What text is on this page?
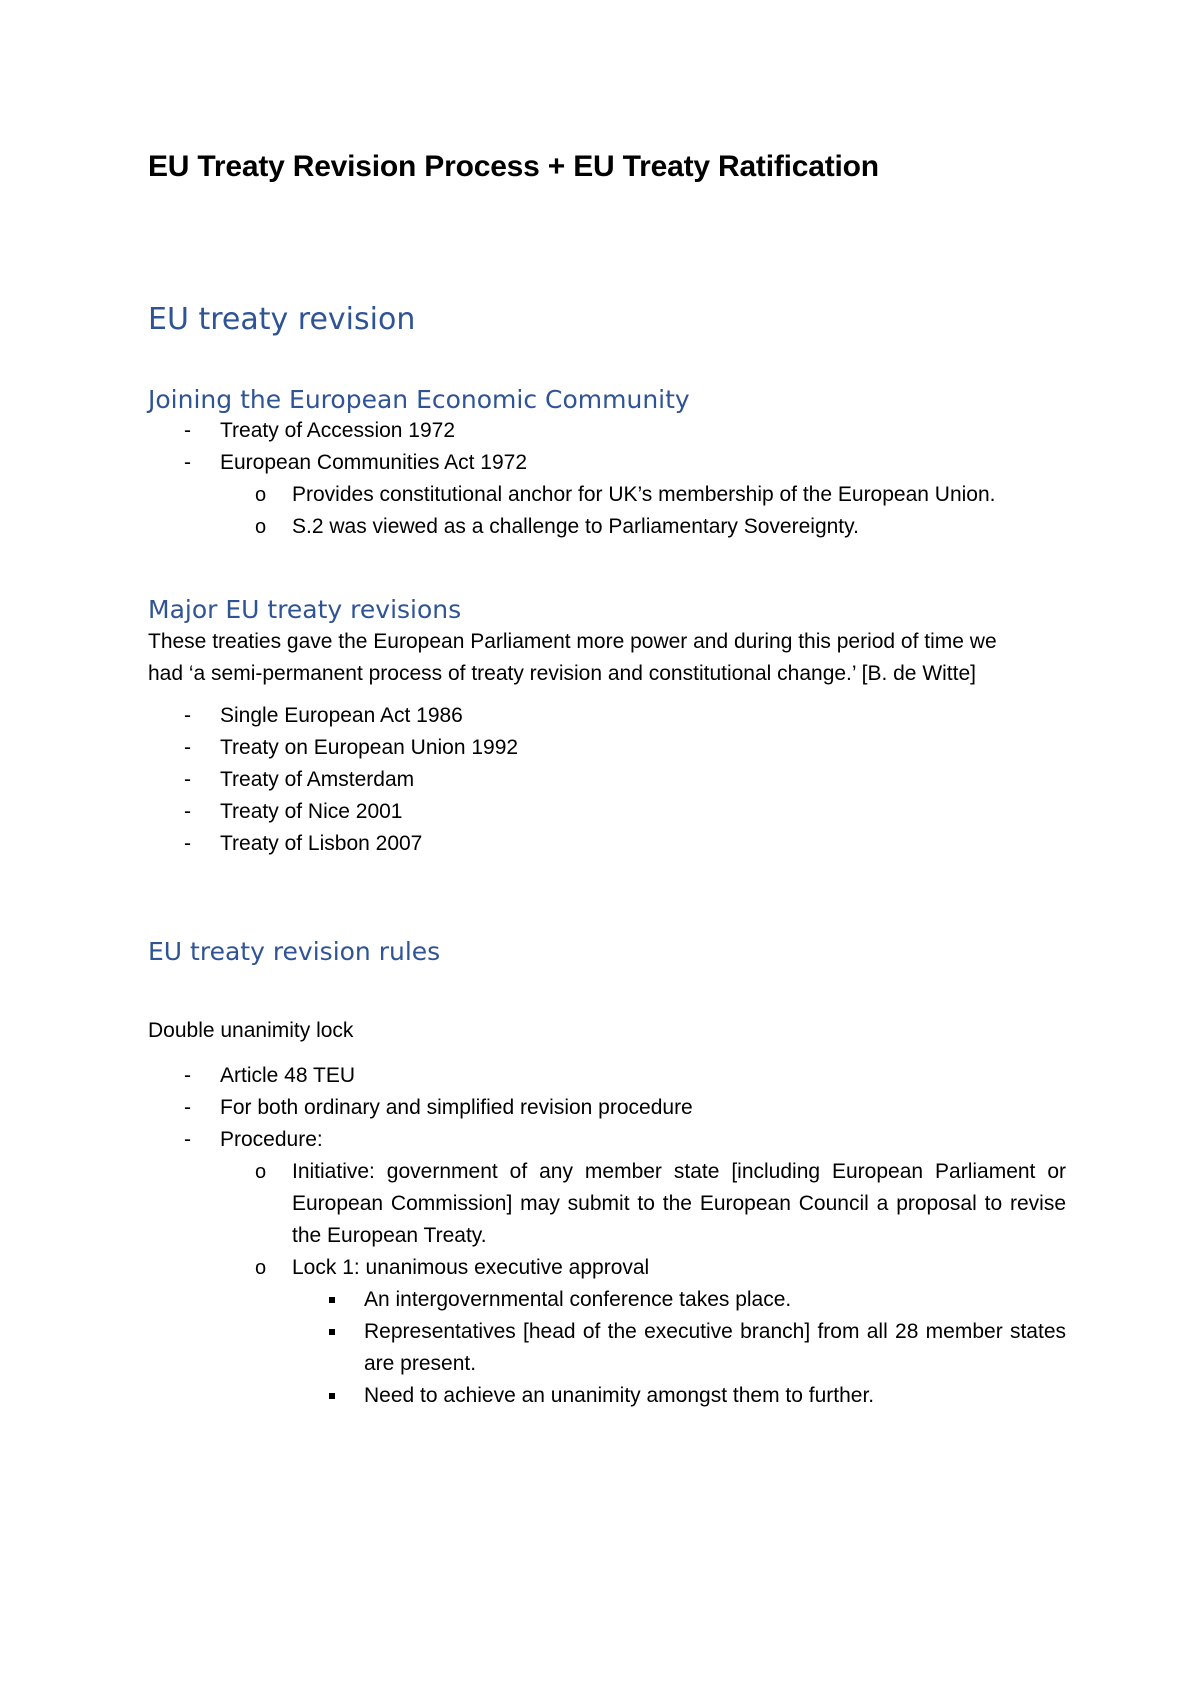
EU Treaty Revision Process + EU Treaty Ratification
EU treaty revision
Joining the European Economic Community
- Treaty of Accession 1972
- European Communities Act 1972
o Provides constitutional anchor for UK’s membership of the European Union.
o S.2 was viewed as a challenge to Parliamentary Sovereignty.
Major EU treaty revisions

These treaties gave the European Parliament more power and during this period of time we

had ‘a semi-permanent process of treaty revision and constitutional change.’ [B. de Witte]

- Single European Act 1986
- Treaty on European Union 1992
- Treaty of Amsterdam
- Treaty of Nice 2001
- Treaty of Lisbon 2007
EU treaty revision rules
Double unanimity lock
- Article 48 TEU
- For both ordinary and simplified revision procedure
- Procedure:
o Initiative: government of any member state [including European Parliament or European Commission] may submit to the European Council a proposal to revise the European Treaty.
o Lock 1: unanimous executive approval
An intergovernmental conference takes place.
Representatives [head of the executive branch] from all 28 member states are present.
Need to achieve an unanimity amongst them to further.
